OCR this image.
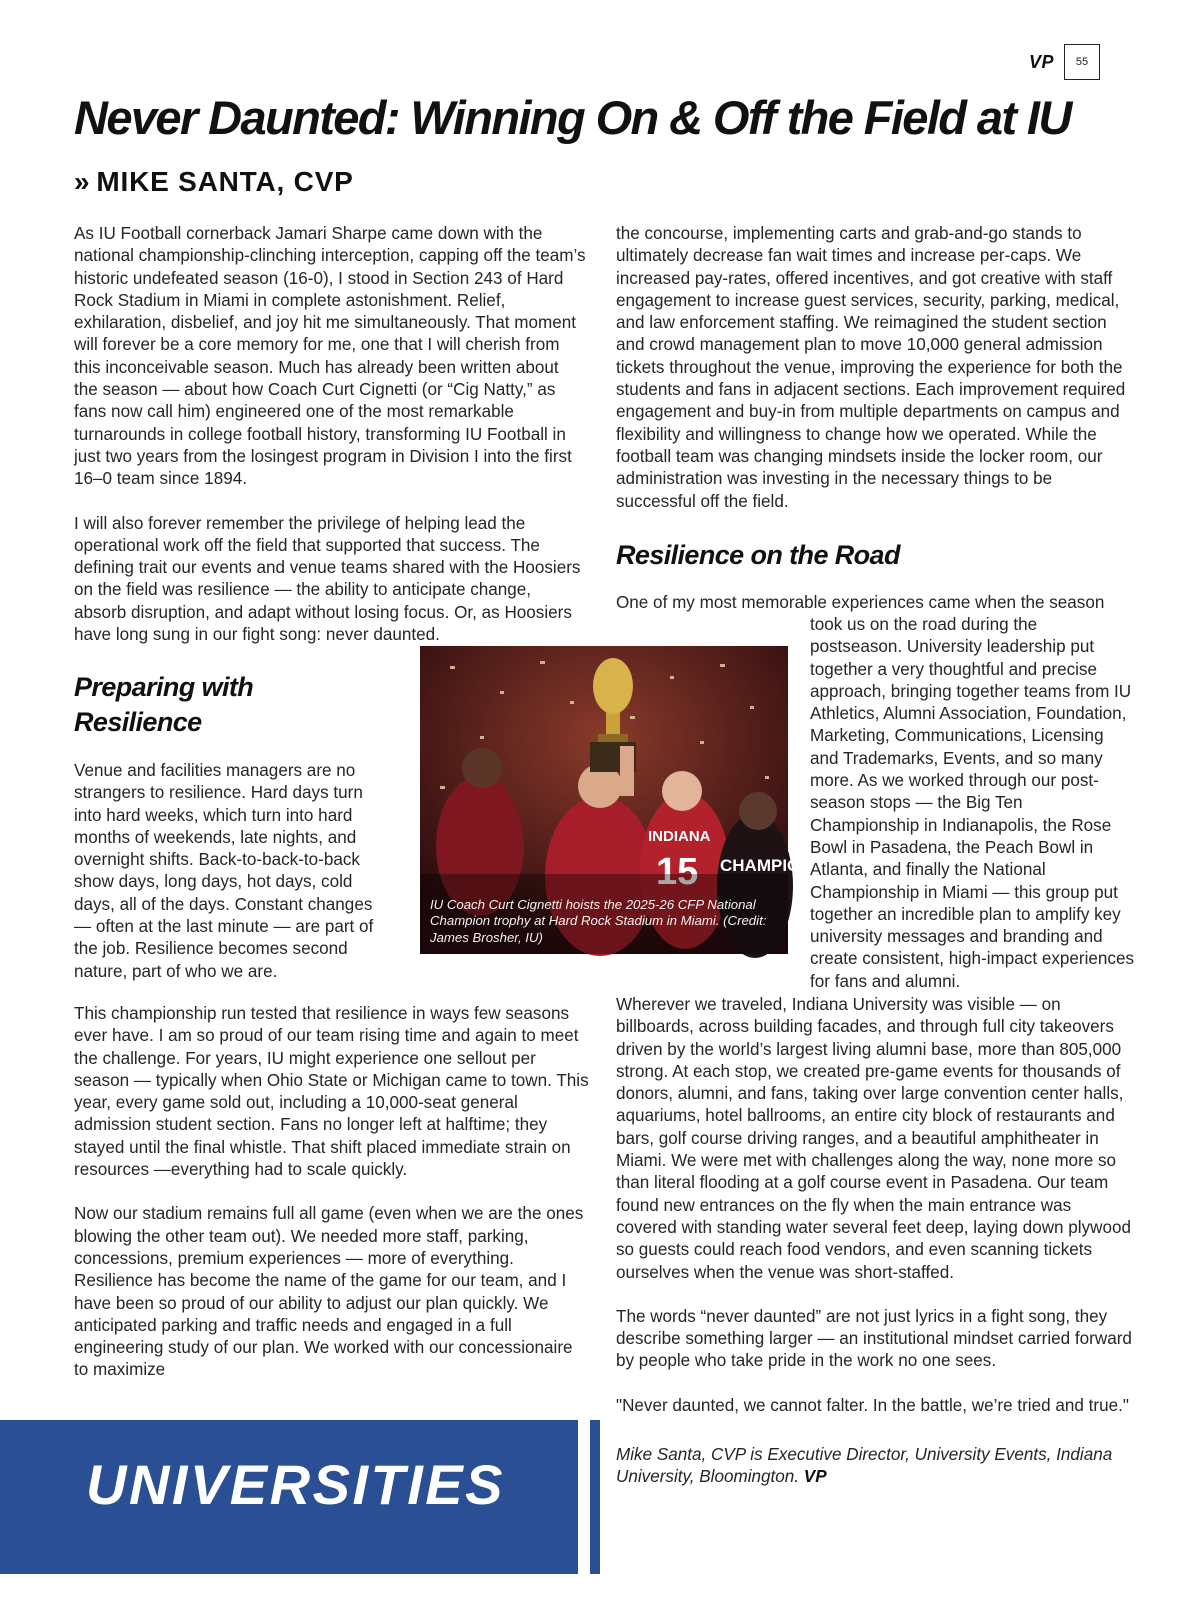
VP	55
Never Daunted: Winning On & Off the Field at IU
» MIKE SANTA, CVP

As IU Football cornerback Jamari Sharpe came down with the national championship-clinching interception, capping off the team’s historic undefeated season (16-0), I stood in Section 243 of Hard Rock Stadium in Miami in complete astonishment. Relief, exhilaration, disbelief, and joy hit me simultaneously. That moment will forever be a core memory for me, one that I will cherish from this inconceivable season. Much has already been written about the season — about how Coach Curt Cignetti (or “Cig Natty,” as fans now call him) engineered one of the most remarkable turnarounds in college football history, transforming IU Football in just two years from the losingest program in Division I into the first 16–0 team since 1894.

I will also forever remember the privilege of helping lead the operational work off the field that supported that success. The defining trait our events and venue teams shared with the Hoosiers on the field was resilience — the ability to anticipate change, absorb disruption, and adapt without losing focus. Or, as Hoosiers have long sung in our fight song: never daunted.

Preparing with Resilience

Venue and facilities managers are no strangers to resilience. Hard days turn into hard weeks, which turn into hard months of weekends, late nights, and overnight shifts. Back-to-back-to-back show days, long days, hot days, cold days, all of the days. Constant changes — often at the last minute — are part of the job. Resilience becomes second nature, part of who we are.

This championship run tested that resilience in ways few seasons ever have. I am so proud of our team rising time and again to meet the challenge. For years, IU might experience one sellout per season — typically when Ohio State or Michigan came to town. This year, every game sold out, including a 10,000-seat general admission student section. Fans no longer left at halftime; they stayed until the final whistle. That shift placed immediate strain on resources —everything had to scale quickly.

Now our stadium remains full all game (even when we are the ones blowing the other team out). We needed more staff, parking, concessions, premium experiences — more of everything. Resilience has become the name of the game for our team, and I have been so proud of our ability to adjust our plan quickly. We anticipated parking and traffic needs and engaged in a full engineering study of our plan. We worked with our concessionaire to maximize

the concourse, implementing carts and grab-and-go stands to ultimately decrease fan wait times and increase per-caps. We increased pay-rates, offered incentives, and got creative with staff engagement to increase guest services, security, parking, medical, and law enforcement staffing. We reimagined the student section and crowd management plan to move 10,000 general admission tickets throughout the venue, improving the experience for both the students and fans in adjacent sections. Each improvement required engagement and buy-in from multiple departments on campus and flexibility and willingness to change how we operated. While the football team was changing mindsets inside the locker room, our administration was investing in the necessary things to be successful off the field.

Resilience on the Road

One of my most memorable experiences came when the season

took us on the road during the postseason. University leadership put together a very thoughtful and precise approach, bringing together teams from IU Athletics, Alumni Association, Foundation, Marketing, Communications, Licensing and Trademarks, Events, and so many more. As we worked through our post-season stops — the Big Ten Championship in Indianapolis, the Rose Bowl in Pasadena, the Peach Bowl in Atlanta, and finally the National Championship in Miami — this group put together an incredible plan to amplify key university messages and branding and create consistent, high-impact experiences for fans and alumni.

Wherever we traveled, Indiana University was visible — on billboards, across building facades, and through full city takeovers driven by the world’s largest living alumni base, more than 805,000 strong. At each stop, we created pre-game events for thousands of donors, alumni, and fans, taking over large convention center halls, aquariums, hotel ballrooms, an entire city block of restaurants and bars, golf course driving ranges, and a beautiful amphitheater in Miami. We were met with challenges along the way, none more so than literal flooding at a golf course event in Pasadena. Our team found new entrances on the fly when the main entrance was covered with standing water several feet deep, laying down plywood so guests could reach food vendors, and even scanning tickets ourselves when the venue was short-staffed.

The words “never daunted” are not just lyrics in a fight song, they describe something larger — an institutional mindset carried forward by people who take pride in the work no one sees.

"Never daunted, we cannot falter. In the battle, we’re tried and true."

Mike Santa, CVP is Executive Director, University Events, Indiana University, Bloomington. VP
INDIANA
15 CHAMPION
IU Coach Curt Cignetti hoists the 2025-26 CFP National Champion trophy at Hard Rock Stadium in Miami. (Credit: James Brosher, IU)
UNIVERSITIES
